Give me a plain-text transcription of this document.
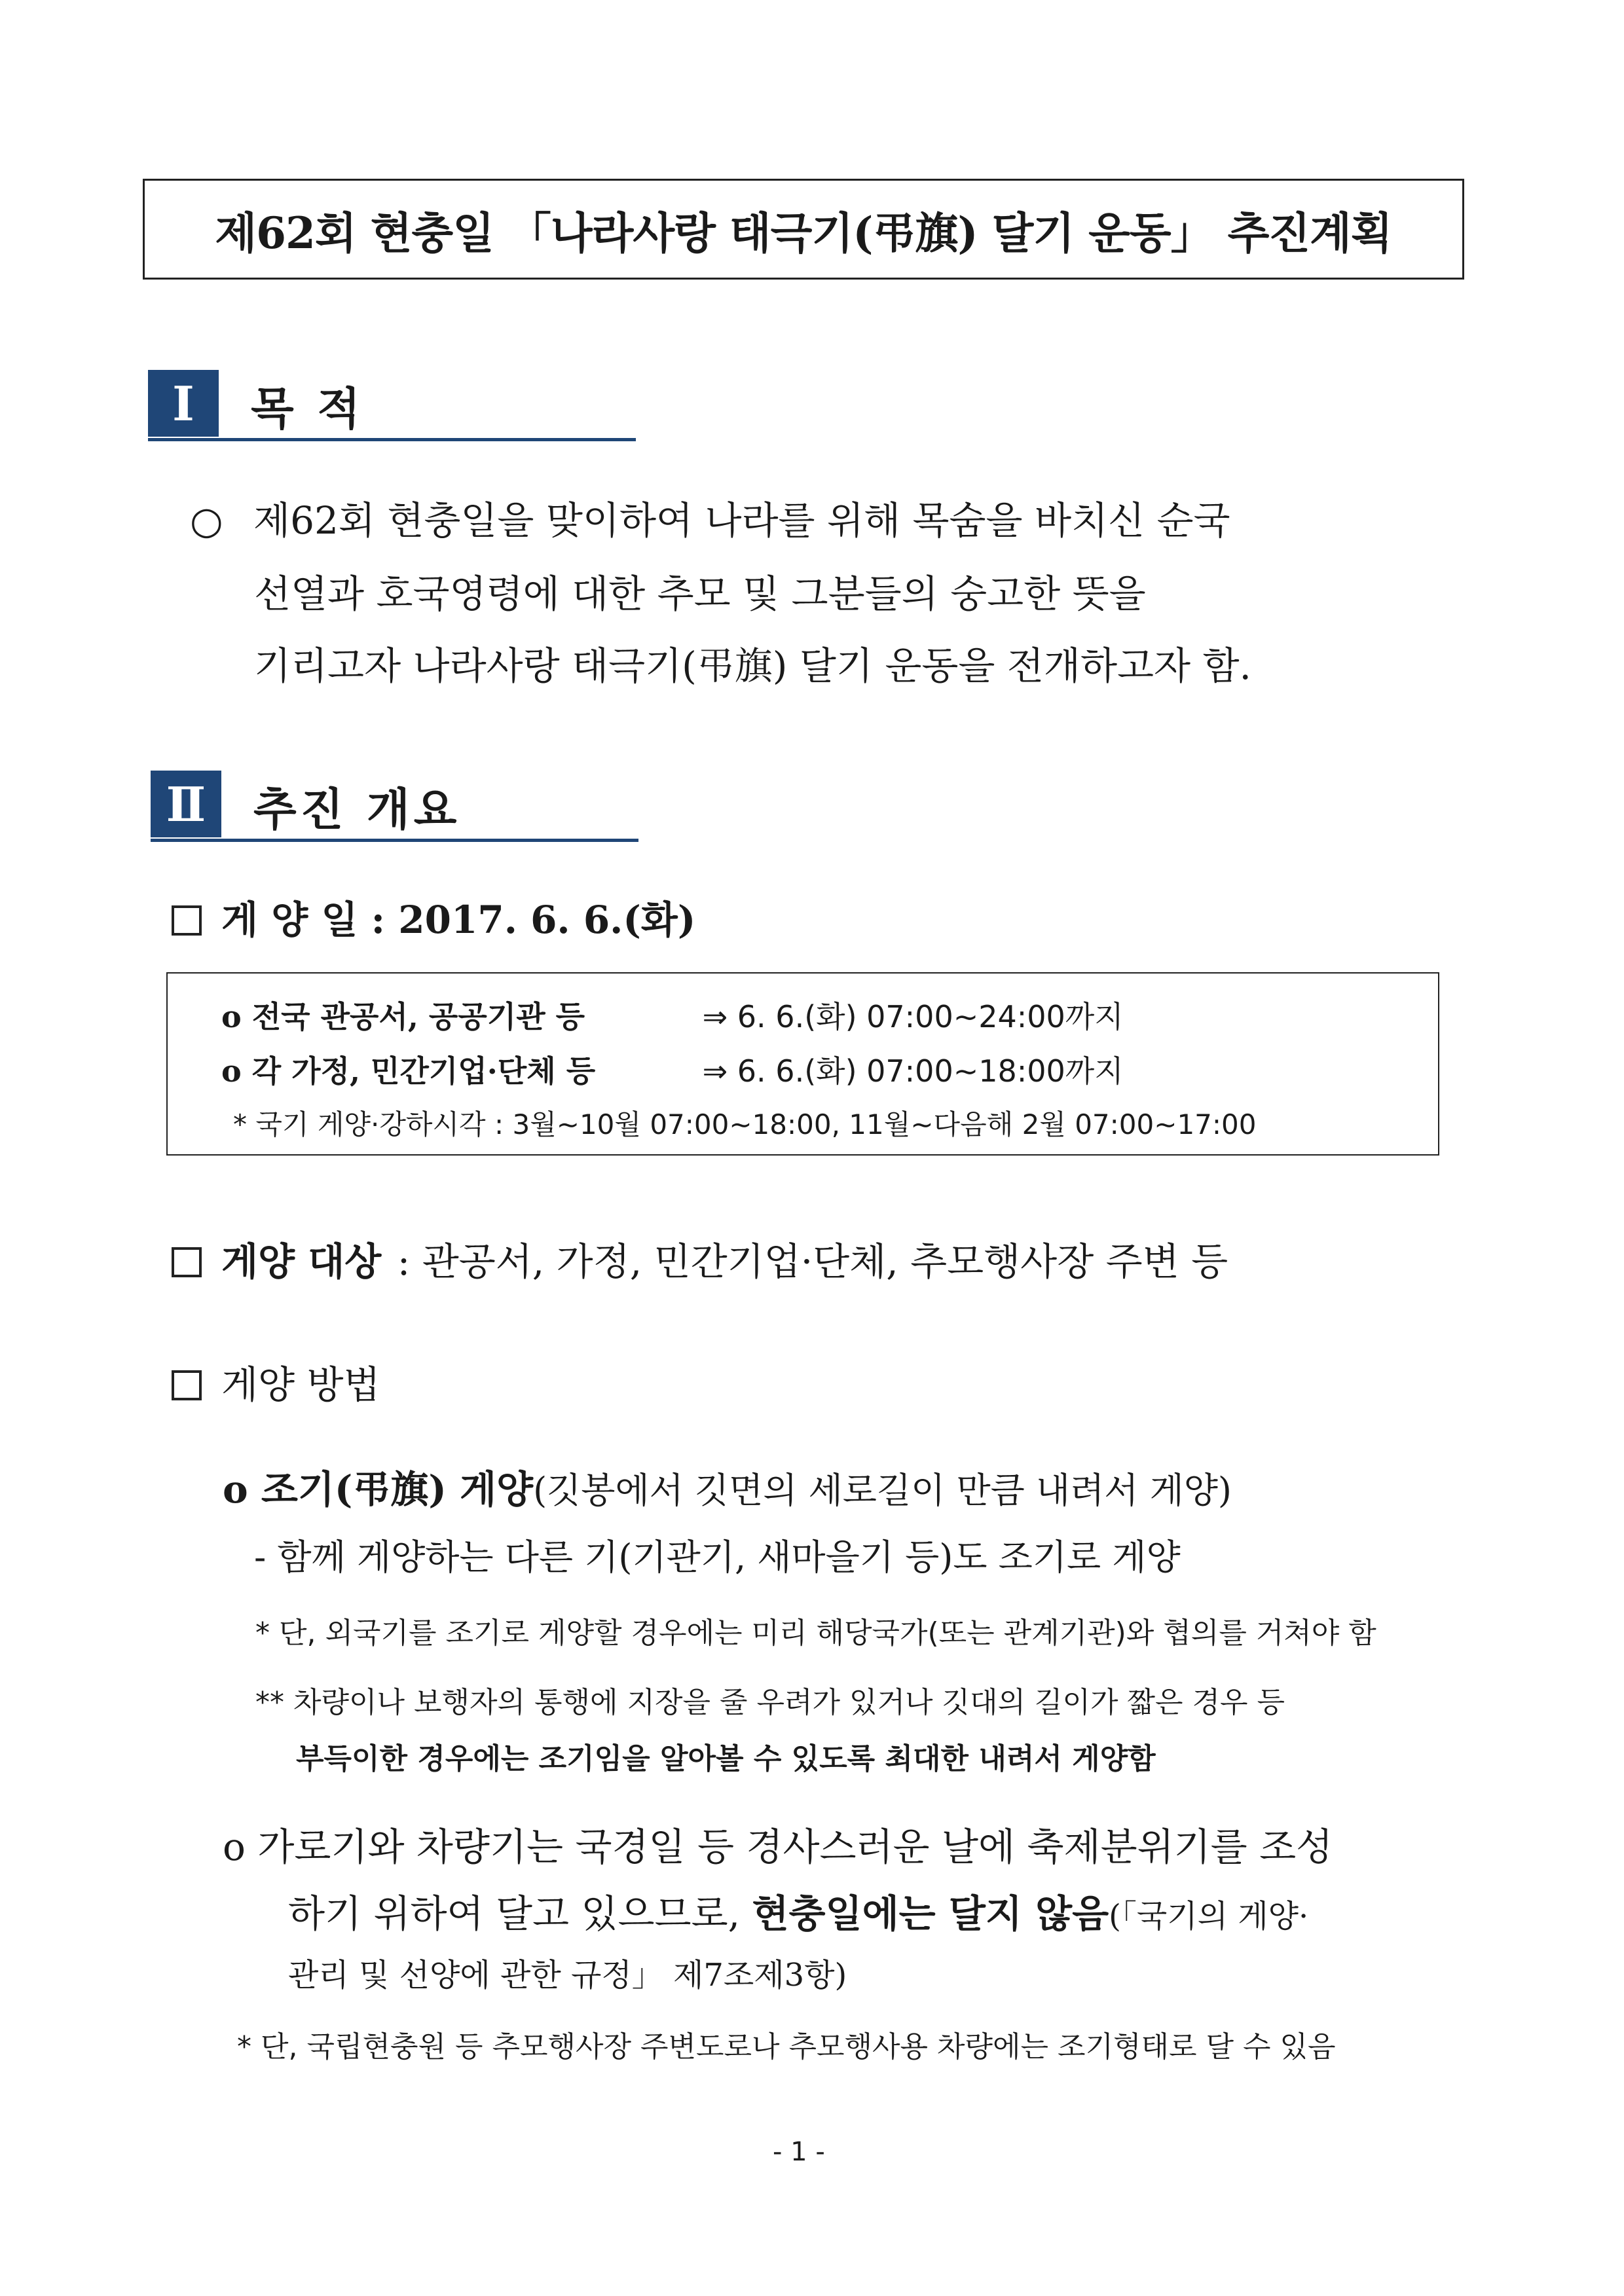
제62회 현충일 「나라사랑 태극기(弔旗) 달기 운동」 추진계획
Ⅰ	목 적
○ 제62회 현충일을 맞이하여 나라를 위해 목숨을 바치신 순국
선열과 호국영령에 대한 추모 및 그분들의 숭고한 뜻을
기리고자 나라사랑 태극기(弔旗) 달기 운동을 전개하고자 함.
Ⅱ	추진 개요
게 양 일 : 2017. 6. 6.(화)
o 전국 관공서, 공공기관 등	⇒ 6. 6.(화) 07:00∼24:00까지
o 각 가정, 민간기업·단체 등	⇒ 6. 6.(화) 07:00∼18:00까지
* 국기 게양·강하시각 : 3월∼10월 07:00∼18:00, 11월∼다음해 2월 07:00∼17:00
게양 대상 : 관공서, 가정, 민간기업·단체, 추모행사장 주변 등
게양 방법
o 조기(弔旗) 게양(깃봉에서 깃면의 세로길이 만큼 내려서 게양)
- 함께 게양하는 다른 기(기관기, 새마을기 등)도 조기로 게양
* 단, 외국기를 조기로 게양할 경우에는 미리 해당국가(또는 관계기관)와 협의를 거쳐야 함
** 차량이나 보행자의 통행에 지장을 줄 우려가 있거나 깃대의 길이가 짧은 경우 등
부득이한 경우에는 조기임을 알아볼 수 있도록 최대한 내려서 게양함
o 가로기와 차량기는 국경일 등 경사스러운 날에 축제분위기를 조성
하기 위하여 달고 있으므로, 현충일에는 달지 않음(「국기의 게양·
관리 및 선양에 관한 규정」 제7조제3항)
* 단, 국립현충원 등 추모행사장 주변도로나 추모행사용 차량에는 조기형태로 달 수 있음
- 1 -
